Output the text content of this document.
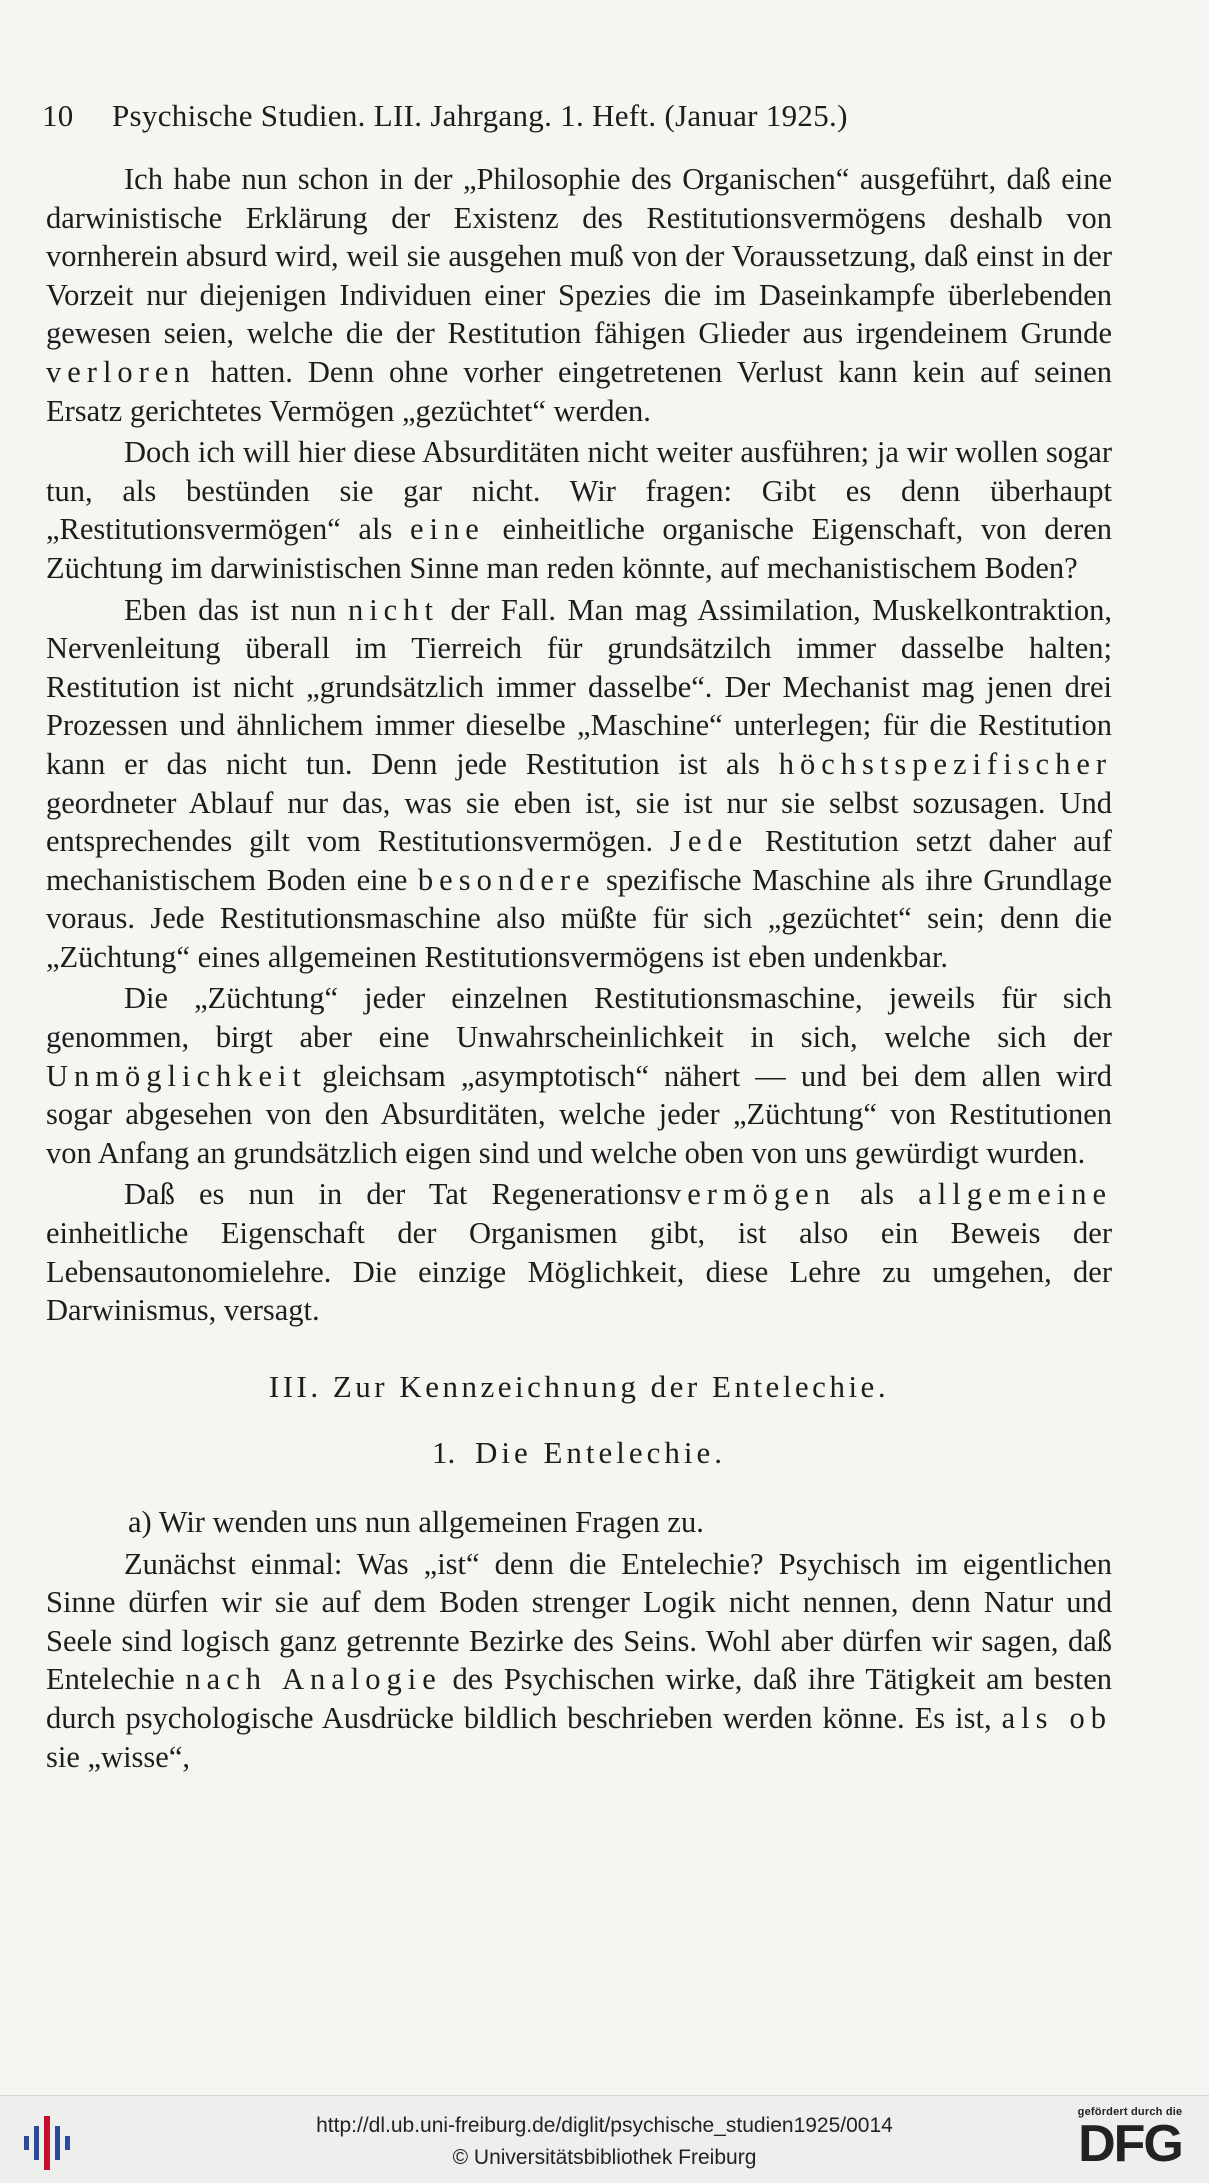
10	Psychische Studien. LII. Jahrgang. 1. Heft. (Januar 1925.)

Ich habe nun schon in der „Philosophie des Organischen“ ausgeführt, daß eine darwinistische Erklärung der Existenz des Restitutionsvermögens deshalb von vornherein absurd wird, weil sie ausgehen muß von der Voraussetzung, daß einst in der Vorzeit nur diejenigen Individuen einer Spezies die im Daseinkampfe überlebenden gewesen seien, welche die der Restitution fähigen Glieder aus irgendeinem Grunde verloren hatten. Denn ohne vorher eingetretenen Verlust kann kein auf seinen Ersatz gerichtetes Vermögen „gezüchtet“ werden.

Doch ich will hier diese Absurditäten nicht weiter ausführen; ja wir wollen sogar tun, als bestünden sie gar nicht. Wir fragen: Gibt es denn überhaupt „Restitutionsvermögen“ als eine einheitliche organische Eigenschaft, von deren Züchtung im darwinistischen Sinne man reden könnte, auf mechanistischem Boden?

Eben das ist nun nicht der Fall. Man mag Assimilation, Muskelkontraktion, Nervenleitung überall im Tierreich für grundsätzilch immer dasselbe halten; Restitution ist nicht „grundsätzlich immer dasselbe“. Der Mechanist mag jenen drei Prozessen und ähnlichem immer dieselbe „Maschine“ unterlegen; für die Restitution kann er das nicht tun. Denn jede Restitution ist als höchstspezifischer geordneter Ablauf nur das, was sie eben ist, sie ist nur sie selbst sozusagen. Und entsprechendes gilt vom Restitutionsvermögen. Jede Restitution setzt daher auf mechanistischem Boden eine besondere spezifische Maschine als ihre Grundlage voraus. Jede Restitutionsmaschine also müßte für sich „gezüchtet“ sein; denn die „Züchtung“ eines allgemeinen Restitutionsvermögens ist eben undenkbar.

Die „Züchtung“ jeder einzelnen Restitutionsmaschine, jeweils für sich genommen, birgt aber eine Unwahrscheinlichkeit in sich, welche sich der Unmöglichkeit gleichsam „asymptotisch“ nähert — und bei dem allen wird sogar abgesehen von den Absurditäten, welche jeder „Züchtung“ von Restitutionen von Anfang an grundsätzlich eigen sind und welche oben von uns gewürdigt wurden.

Daß es nun in der Tat Regenerationsvermögen als allgemeine einheitliche Eigenschaft der Organismen gibt, ist also ein Beweis der Lebensautonomielehre. Die einzige Möglichkeit, diese Lehre zu umgehen, der Darwinismus, versagt.

III. Zur Kennzeichnung der Entelechie.
1. Die Entelechie.

a) Wir wenden uns nun allgemeinen Fragen zu.

Zunächst einmal: Was „ist“ denn die Entelechie? Psychisch im eigentlichen Sinne dürfen wir sie auf dem Boden strenger Logik nicht nennen, denn Natur und Seele sind logisch ganz getrennte Bezirke des Seins. Wohl aber dürfen wir sagen, daß Entelechie nach Analogie des Psychischen wirke, daß ihre Tätigkeit am besten durch psychologische Ausdrücke bildlich beschrieben werden könne. Es ist, als ob sie „wisse“,

http://dl.ub.uni-freiburg.de/diglit/psychische_studien1925/0014
© Universitätsbibliothek Freiburg
gefördert durch die
DFG
